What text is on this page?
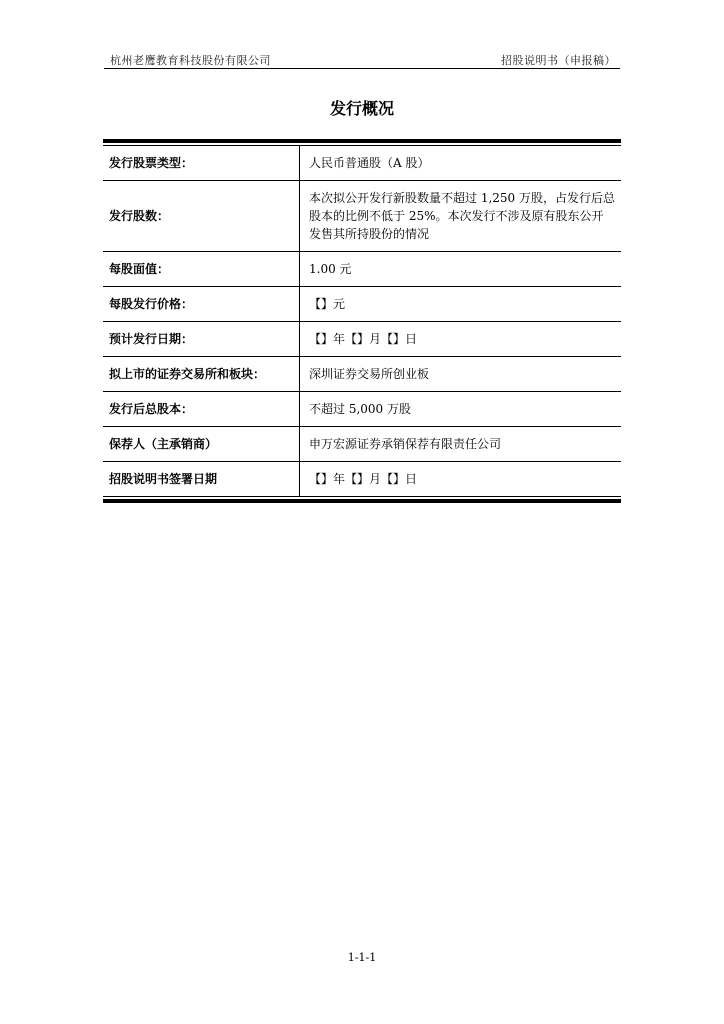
杭州老鹰教育科技股份有限公司	招股说明书（申报稿）
发行概况
发行股票类型：	人民币普通股（A 股）
发行股数：	本次拟公开发行新股数量不超过 1,250 万股，占发行后总股本的比例不低于 25%。本次发行不涉及原有股东公开发售其所持股份的情况
每股面值：	1.00 元
每股发行价格：	【】元
预计发行日期：	【】年【】月【】日
拟上市的证券交易所和板块：	深圳证券交易所创业板
发行后总股本：	不超过 5,000 万股
保荐人（主承销商）	申万宏源证券承销保荐有限责任公司
招股说明书签署日期	【】年【】月【】日
1-1-1
